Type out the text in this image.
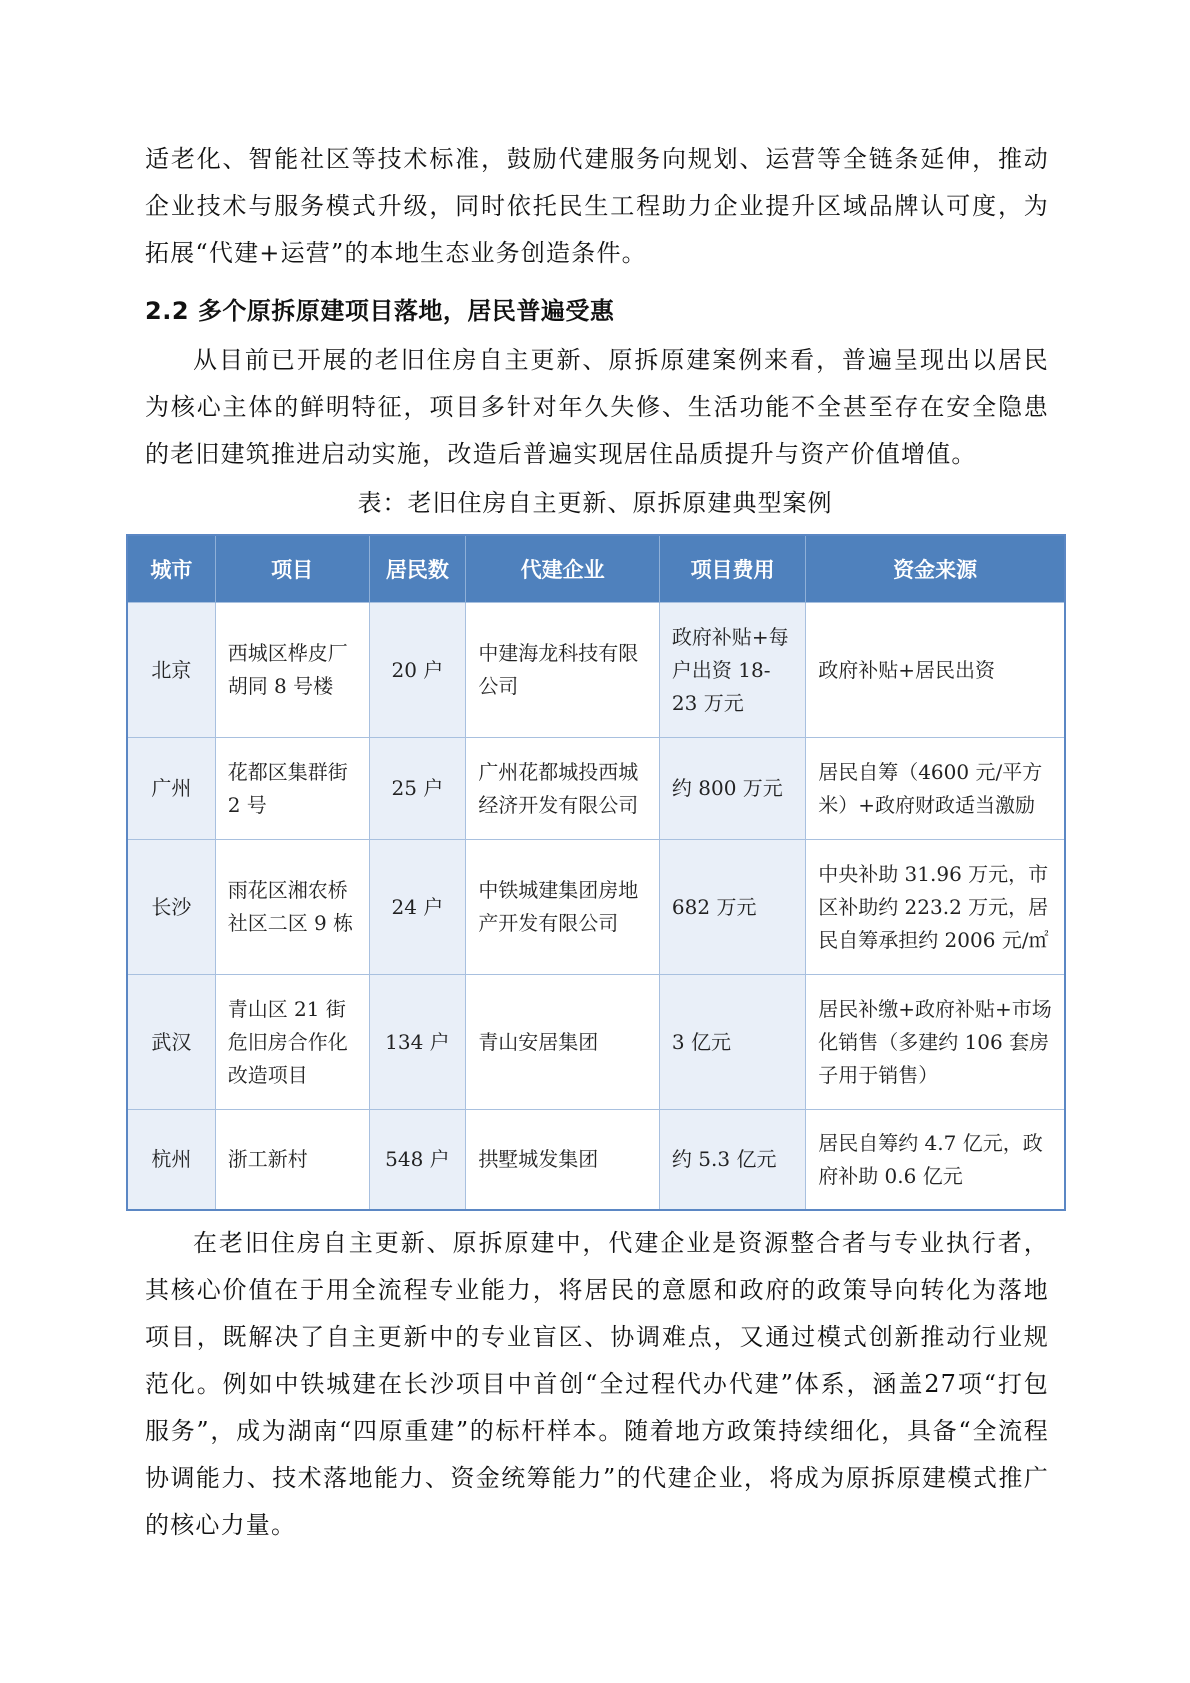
适老化、智能社区等技术标准，鼓励代建服务向规划、运营等全链条延伸，推动企业技术与服务模式升级，同时依托民生工程助力企业提升区域品牌认可度，为拓展“代建+运营”的本地生态业务创造条件。

2.2 多个原拆原建项目落地，居民普遍受惠

从目前已开展的老旧住房自主更新、原拆原建案例来看，普遍呈现出以居民为核心主体的鲜明特征，项目多针对年久失修、生活功能不全甚至存在安全隐患的老旧建筑推进启动实施，改造后普遍实现居住品质提升与资产价值增值。

表：老旧住房自主更新、原拆原建典型案例

城市	项目	居民数	代建企业	项目费用	资金来源
北京	西城区桦皮厂胡同 8 号楼	20 户	中建海龙科技有限公司	政府补贴+每户出资 18-23 万元	政府补贴+居民出资
广州	花都区集群街 2 号	25 户	广州花都城投西城经济开发有限公司	约 800 万元	居民自筹（4600 元/平方米）+政府财政适当激励
长沙	雨花区湘农桥社区二区 9 栋	24 户	中铁城建集团房地产开发有限公司	682 万元	中央补助 31.96 万元，市区补助约 223.2 万元，居民自筹承担约 2006 元/㎡
武汉	青山区 21 街危旧房合作化改造项目	134 户	青山安居集团	3 亿元	居民补缴+政府补贴+市场化销售（多建约 106 套房子用于销售）
杭州	浙工新村	548 户	拱墅城发集团	约 5.3 亿元	居民自筹约 4.7 亿元，政府补助 0.6 亿元

在老旧住房自主更新、原拆原建中，代建企业是资源整合者与专业执行者，其核心价值在于用全流程专业能力，将居民的意愿和政府的政策导向转化为落地项目，既解决了自主更新中的专业盲区、协调难点，又通过模式创新推动行业规范化。例如中铁城建在长沙项目中首创“全过程代办代建”体系，涵盖27项“打包服务”，成为湖南“四原重建”的标杆样本。随着地方政策持续细化，具备“全流程协调能力、技术落地能力、资金统筹能力”的代建企业，将成为原拆原建模式推广的核心力量。
